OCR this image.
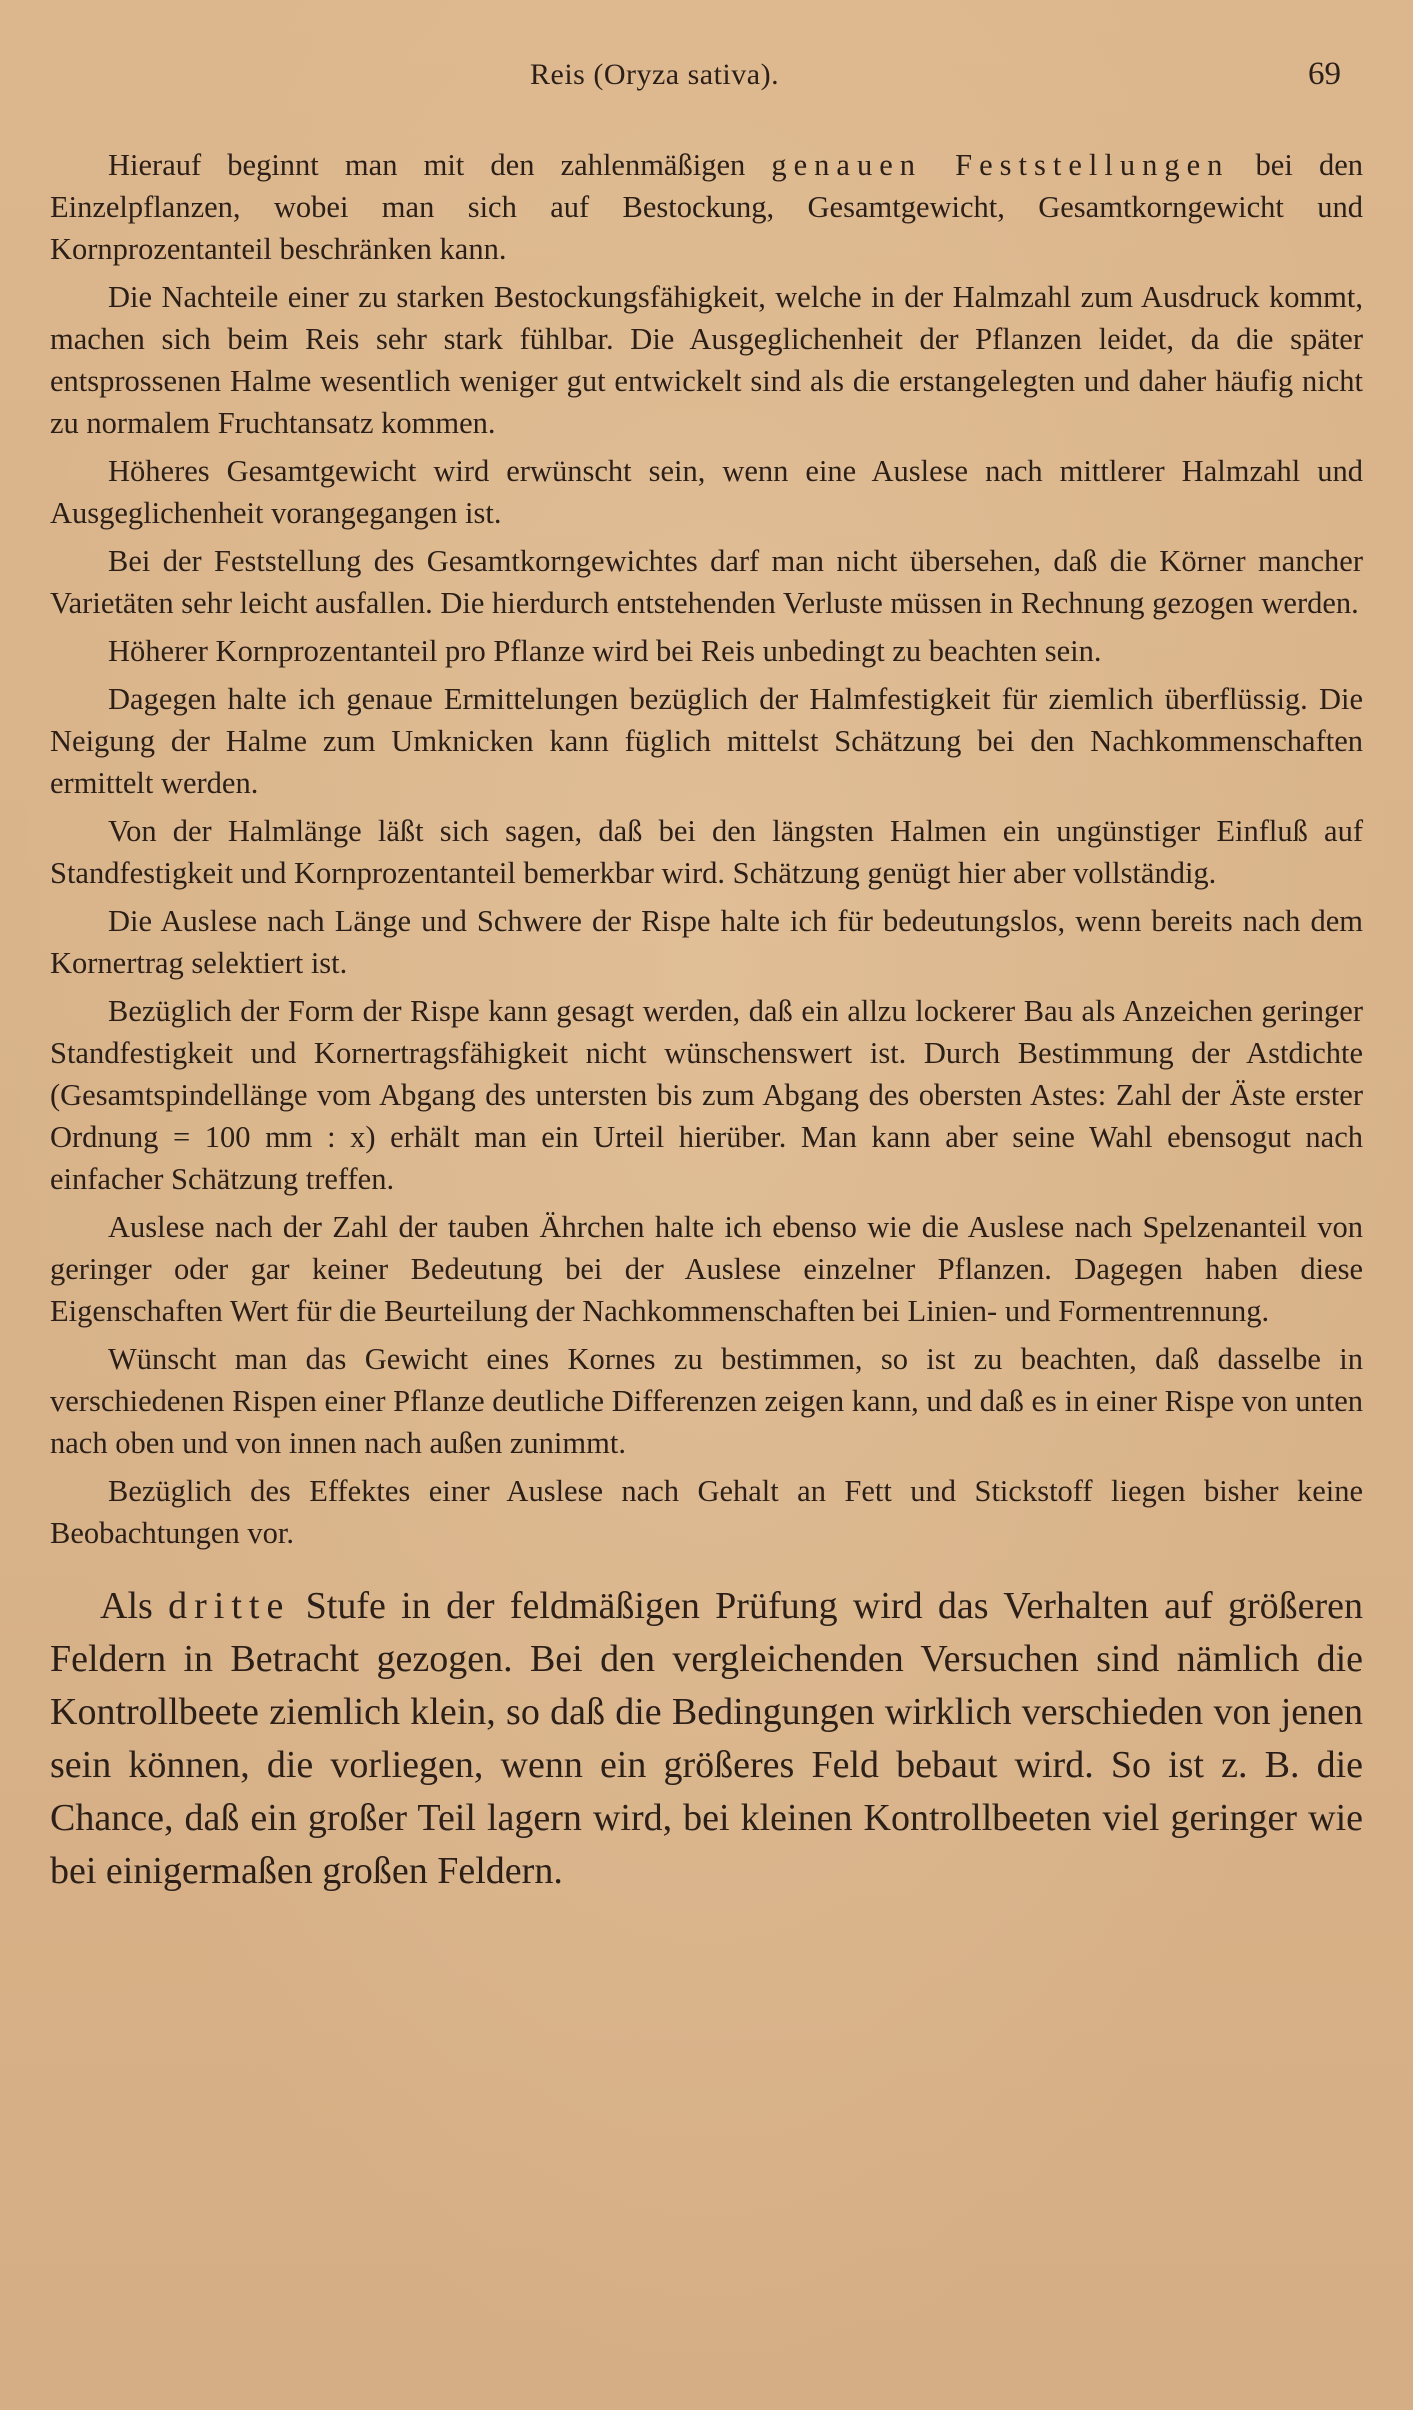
Reis (Oryza sativa).	69

Hierauf beginnt man mit den zahlenmäßigen genauen Feststellungen bei den Einzelpflanzen, wobei man sich auf Bestockung, Gesamtgewicht, Gesamtkorngewicht und Kornprozentanteil beschränken kann.

Die Nachteile einer zu starken Bestockungsfähigkeit, welche in der Halmzahl zum Ausdruck kommt, machen sich beim Reis sehr stark fühlbar. Die Ausgeglichenheit der Pflanzen leidet, da die später entsprossenen Halme wesentlich weniger gut entwickelt sind als die erstangelegten und daher häufig nicht zu normalem Fruchtansatz kommen.

Höheres Gesamtgewicht wird erwünscht sein, wenn eine Auslese nach mittlerer Halmzahl und Ausgeglichenheit vorangegangen ist.

Bei der Feststellung des Gesamtkorngewichtes darf man nicht übersehen, daß die Körner mancher Varietäten sehr leicht ausfallen. Die hierdurch entstehenden Verluste müssen in Rechnung gezogen werden.

Höherer Kornprozentanteil pro Pflanze wird bei Reis unbedingt zu beachten sein.

Dagegen halte ich genaue Ermittelungen bezüglich der Halmfestigkeit für ziemlich überflüssig. Die Neigung der Halme zum Umknicken kann füglich mittelst Schätzung bei den Nachkommenschaften ermittelt werden.

Von der Halmlänge läßt sich sagen, daß bei den längsten Halmen ein ungünstiger Einfluß auf Standfestigkeit und Kornprozentanteil bemerkbar wird. Schätzung genügt hier aber vollständig.

Die Auslese nach Länge und Schwere der Rispe halte ich für bedeutungslos, wenn bereits nach dem Kornertrag selektiert ist.

Bezüglich der Form der Rispe kann gesagt werden, daß ein allzu lockerer Bau als Anzeichen geringer Standfestigkeit und Kornertragsfähigkeit nicht wünschenswert ist. Durch Bestimmung der Astdichte (Gesamtspindellänge vom Abgang des untersten bis zum Abgang des obersten Astes: Zahl der Äste erster Ordnung = 100 mm : x) erhält man ein Urteil hierüber. Man kann aber seine Wahl ebensogut nach einfacher Schätzung treffen.

Auslese nach der Zahl der tauben Ährchen halte ich ebenso wie die Auslese nach Spelzenanteil von geringer oder gar keiner Bedeutung bei der Auslese einzelner Pflanzen. Dagegen haben diese Eigenschaften Wert für die Beurteilung der Nachkommenschaften bei Linien- und Formentrennung.

Wünscht man das Gewicht eines Kornes zu bestimmen, so ist zu beachten, daß dasselbe in verschiedenen Rispen einer Pflanze deutliche Differenzen zeigen kann, und daß es in einer Rispe von unten nach oben und von innen nach außen zunimmt.

Bezüglich des Effektes einer Auslese nach Gehalt an Fett und Stickstoff liegen bisher keine Beobachtungen vor.

Als dritte Stufe in der feldmäßigen Prüfung wird das Verhalten auf größeren Feldern in Betracht gezogen. Bei den vergleichenden Versuchen sind nämlich die Kontrollbeete ziemlich klein, so daß die Bedingungen wirklich verschieden von jenen sein können, die vorliegen, wenn ein größeres Feld bebaut wird. So ist z. B. die Chance, daß ein großer Teil lagern wird, bei kleinen Kontrollbeeten viel geringer wie bei einigermaßen großen Feldern.
